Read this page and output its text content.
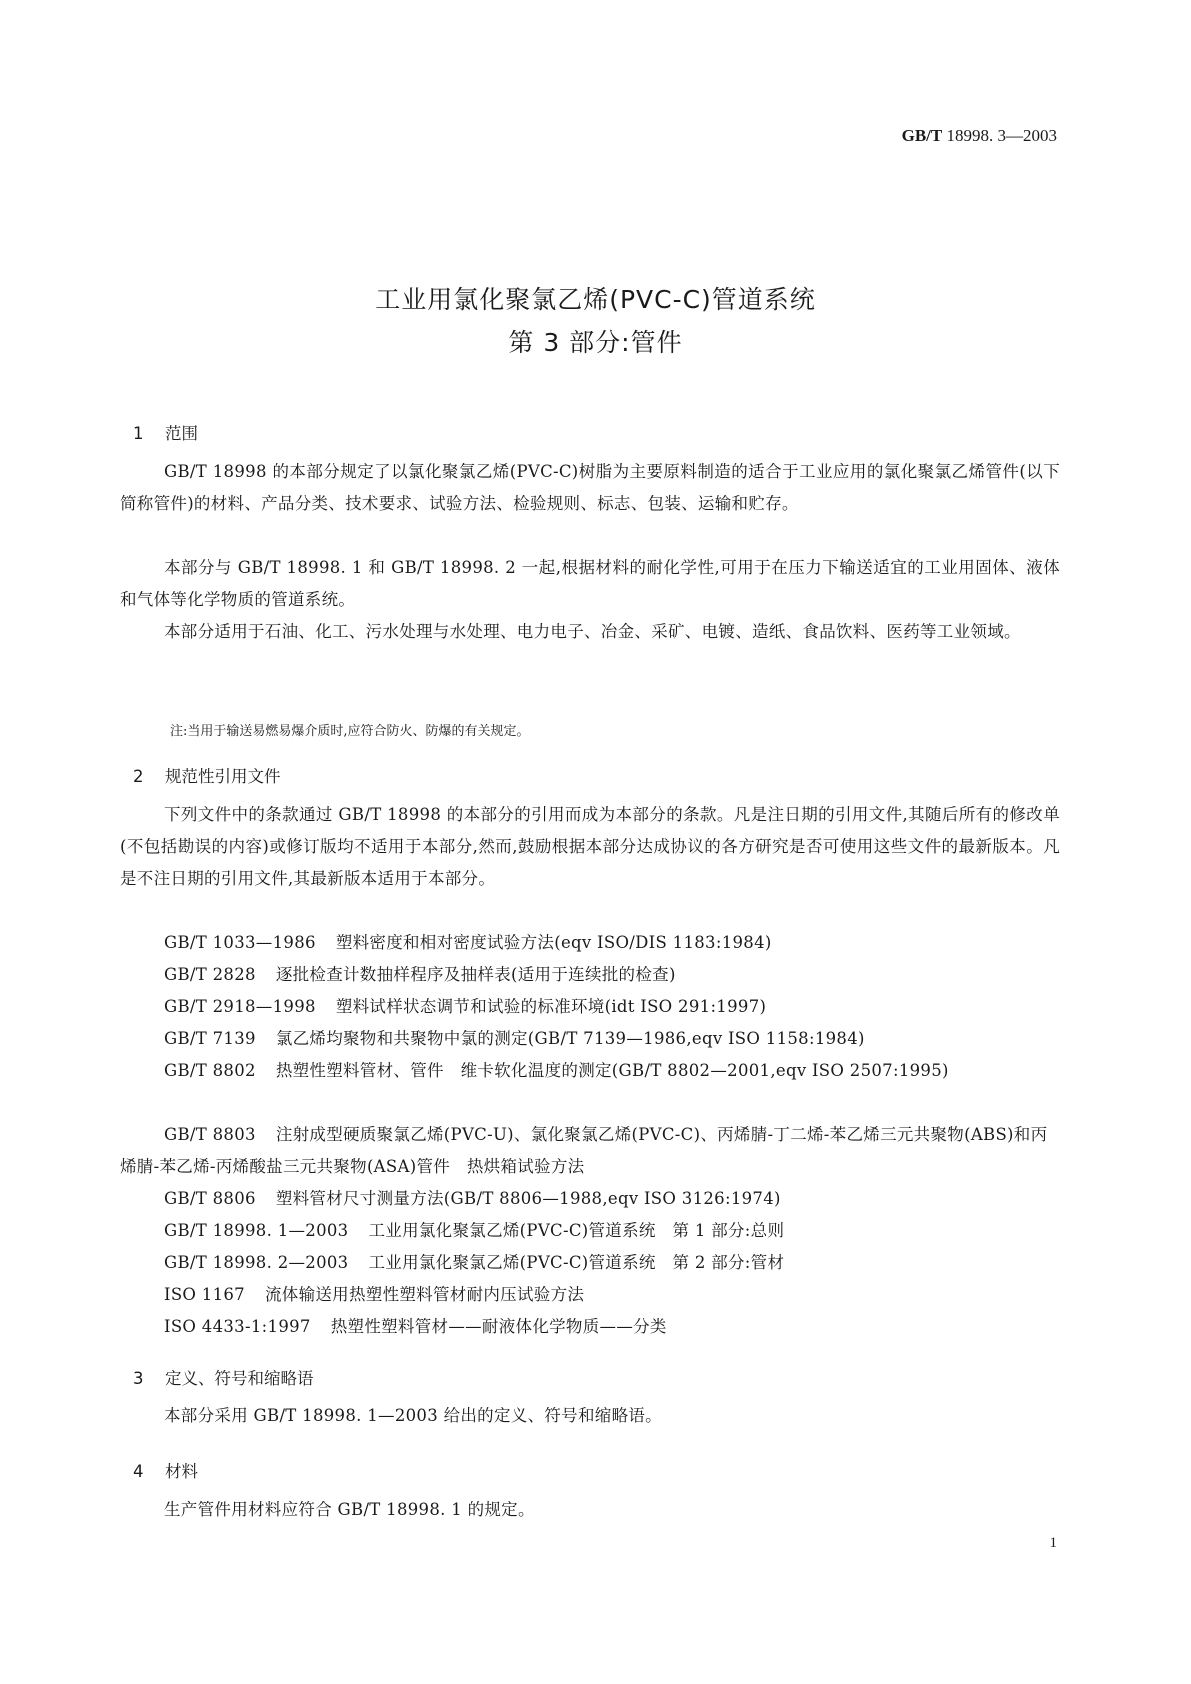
GB/T 18998. 3—2003
工业用氯化聚氯乙烯(PVC-C)管道系统
第 3 部分:管件
1 范围
GB/T 18998 的本部分规定了以氯化聚氯乙烯(PVC-C)树脂为主要原料制造的适合于工业应用的氯化聚氯乙烯管件(以下简称管件)的材料、产品分类、技术要求、试验方法、检验规则、标志、包装、运输和贮存。
本部分与 GB/T 18998. 1 和 GB/T 18998. 2 一起,根据材料的耐化学性,可用于在压力下输送适宜的工业用固体、液体和气体等化学物质的管道系统。
本部分适用于石油、化工、污水处理与水处理、电力电子、冶金、采矿、电镀、造纸、食品饮料、医药等工业领域。
注:当用于输送易燃易爆介质时,应符合防火、防爆的有关规定。
2 规范性引用文件
下列文件中的条款通过 GB/T 18998 的本部分的引用而成为本部分的条款。凡是注日期的引用文件,其随后所有的修改单(不包括勘误的内容)或修订版均不适用于本部分,然而,鼓励根据本部分达成协议的各方研究是否可使用这些文件的最新版本。凡是不注日期的引用文件,其最新版本适用于本部分。
GB/T 1033—1986 塑料密度和相对密度试验方法(eqv ISO/DIS 1183:1984)
GB/T 2828 逐批检查计数抽样程序及抽样表(适用于连续批的检查)
GB/T 2918—1998 塑料试样状态调节和试验的标准环境(idt ISO 291:1997)
GB/T 7139 氯乙烯均聚物和共聚物中氯的测定(GB/T 7139—1986,eqv ISO 1158:1984)
GB/T 8802 热塑性塑料管材、管件　维卡软化温度的测定(GB/T 8802—2001,eqv ISO 2507:1995)
GB/T 8803 注射成型硬质聚氯乙烯(PVC-U)、氯化聚氯乙烯(PVC-C)、丙烯腈-丁二烯-苯乙烯三元共聚物(ABS)和丙烯腈-苯乙烯-丙烯酸盐三元共聚物(ASA)管件　热烘箱试验方法
GB/T 8806 塑料管材尺寸测量方法(GB/T 8806—1988,eqv ISO 3126:1974)
GB/T 18998. 1—2003 工业用氯化聚氯乙烯(PVC-C)管道系统　第 1 部分:总则
GB/T 18998. 2—2003 工业用氯化聚氯乙烯(PVC-C)管道系统　第 2 部分:管材
ISO 1167 流体输送用热塑性塑料管材耐内压试验方法
ISO 4433-1:1997 热塑性塑料管材——耐液体化学物质——分类
3 定义、符号和缩略语
本部分采用 GB/T 18998. 1—2003 给出的定义、符号和缩略语。
4 材料
生产管件用材料应符合 GB/T 18998. 1 的规定。
1
